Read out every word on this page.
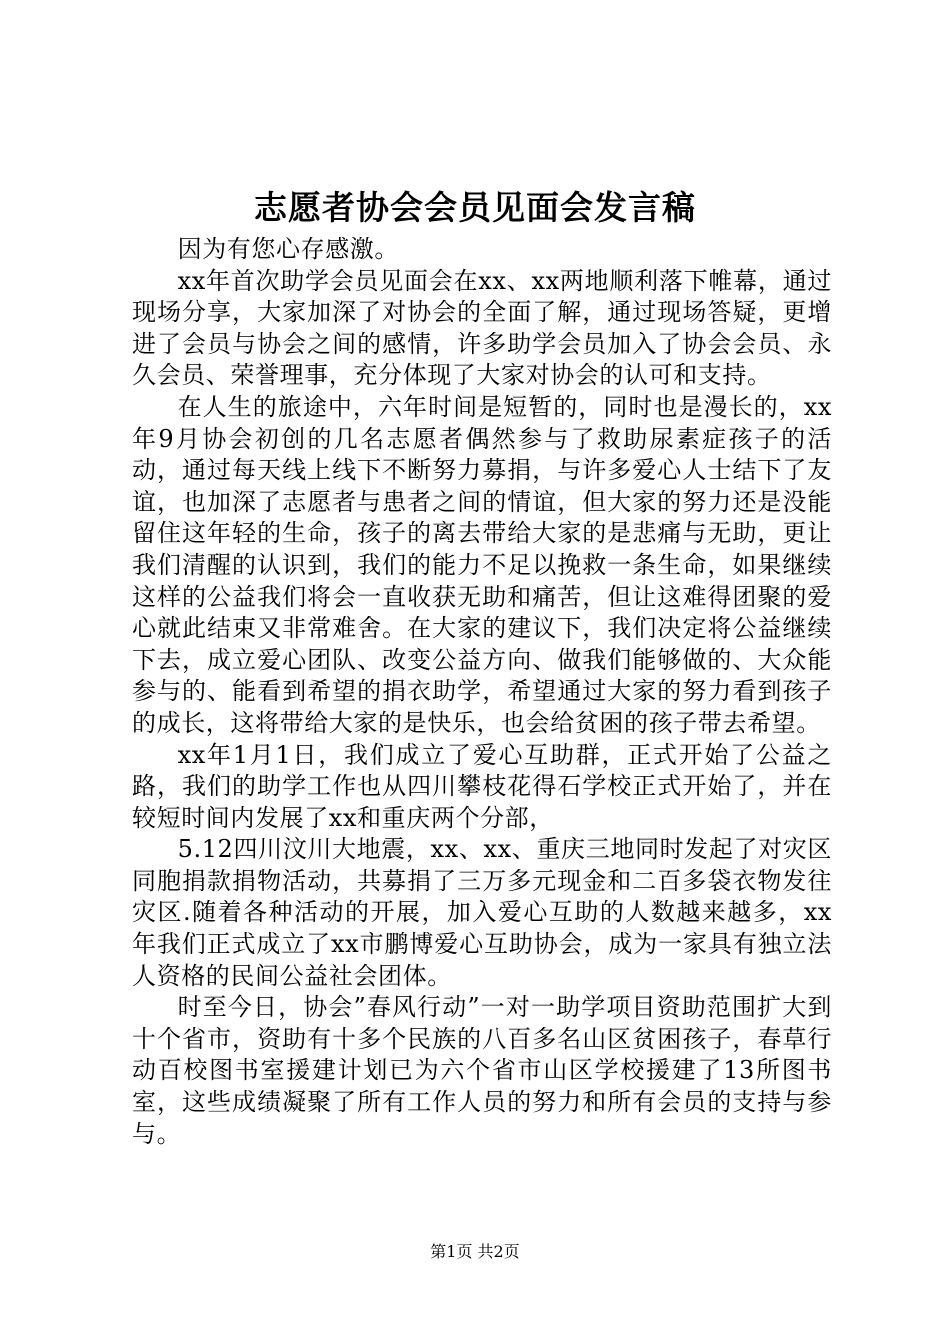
志愿者协会会员见面会发言稿

因为有您心存感激。

xx年首次助学会员见面会在xx、xx两地顺利落下帷幕，通过现场分享，大家加深了对协会的全面了解，通过现场答疑，更增进了会员与协会之间的感情，许多助学会员加入了协会会员、永久会员、荣誉理事，充分体现了大家对协会的认可和支持。

在人生的旅途中，六年时间是短暂的，同时也是漫长的，xx年9月协会初创的几名志愿者偶然参与了救助尿素症孩子的活动，通过每天线上线下不断努力募捐，与许多爱心人士结下了友谊，也加深了志愿者与患者之间的情谊，但大家的努力还是没能留住这年轻的生命，孩子的离去带给大家的是悲痛与无助，更让我们清醒的认识到，我们的能力不足以挽救一条生命，如果继续这样的公益我们将会一直收获无助和痛苦，但让这难得团聚的爱心就此结束又非常难舍。在大家的建议下，我们决定将公益继续下去，成立爱心团队、改变公益方向、做我们能够做的、大众能参与的、能看到希望的捐衣助学，希望通过大家的努力看到孩子的成长，这将带给大家的是快乐，也会给贫困的孩子带去希望。

xx年1月1日，我们成立了爱心互助群，正式开始了公益之路，我们的助学工作也从四川攀枝花得石学校正式开始了，并在较短时间内发展了xx和重庆两个分部，

5.12四川汶川大地震，xx、xx、重庆三地同时发起了对灾区同胞捐款捐物活动，共募捐了三万多元现金和二百多袋衣物发往灾区.随着各种活动的开展，加入爱心互助的人数越来越多，xx年我们正式成立了xx市鹏博爱心互助协会，成为一家具有独立法人资格的民间公益社会团体。

时至今日，协会”春风行动”一对一助学项目资助范围扩大到十个省市，资助有十多个民族的八百多名山区贫困孩子，春草行动百校图书室援建计划已为六个省市山区学校援建了13所图书室，这些成绩凝聚了所有工作人员的努力和所有会员的支持与参与。

第1页 共2页
